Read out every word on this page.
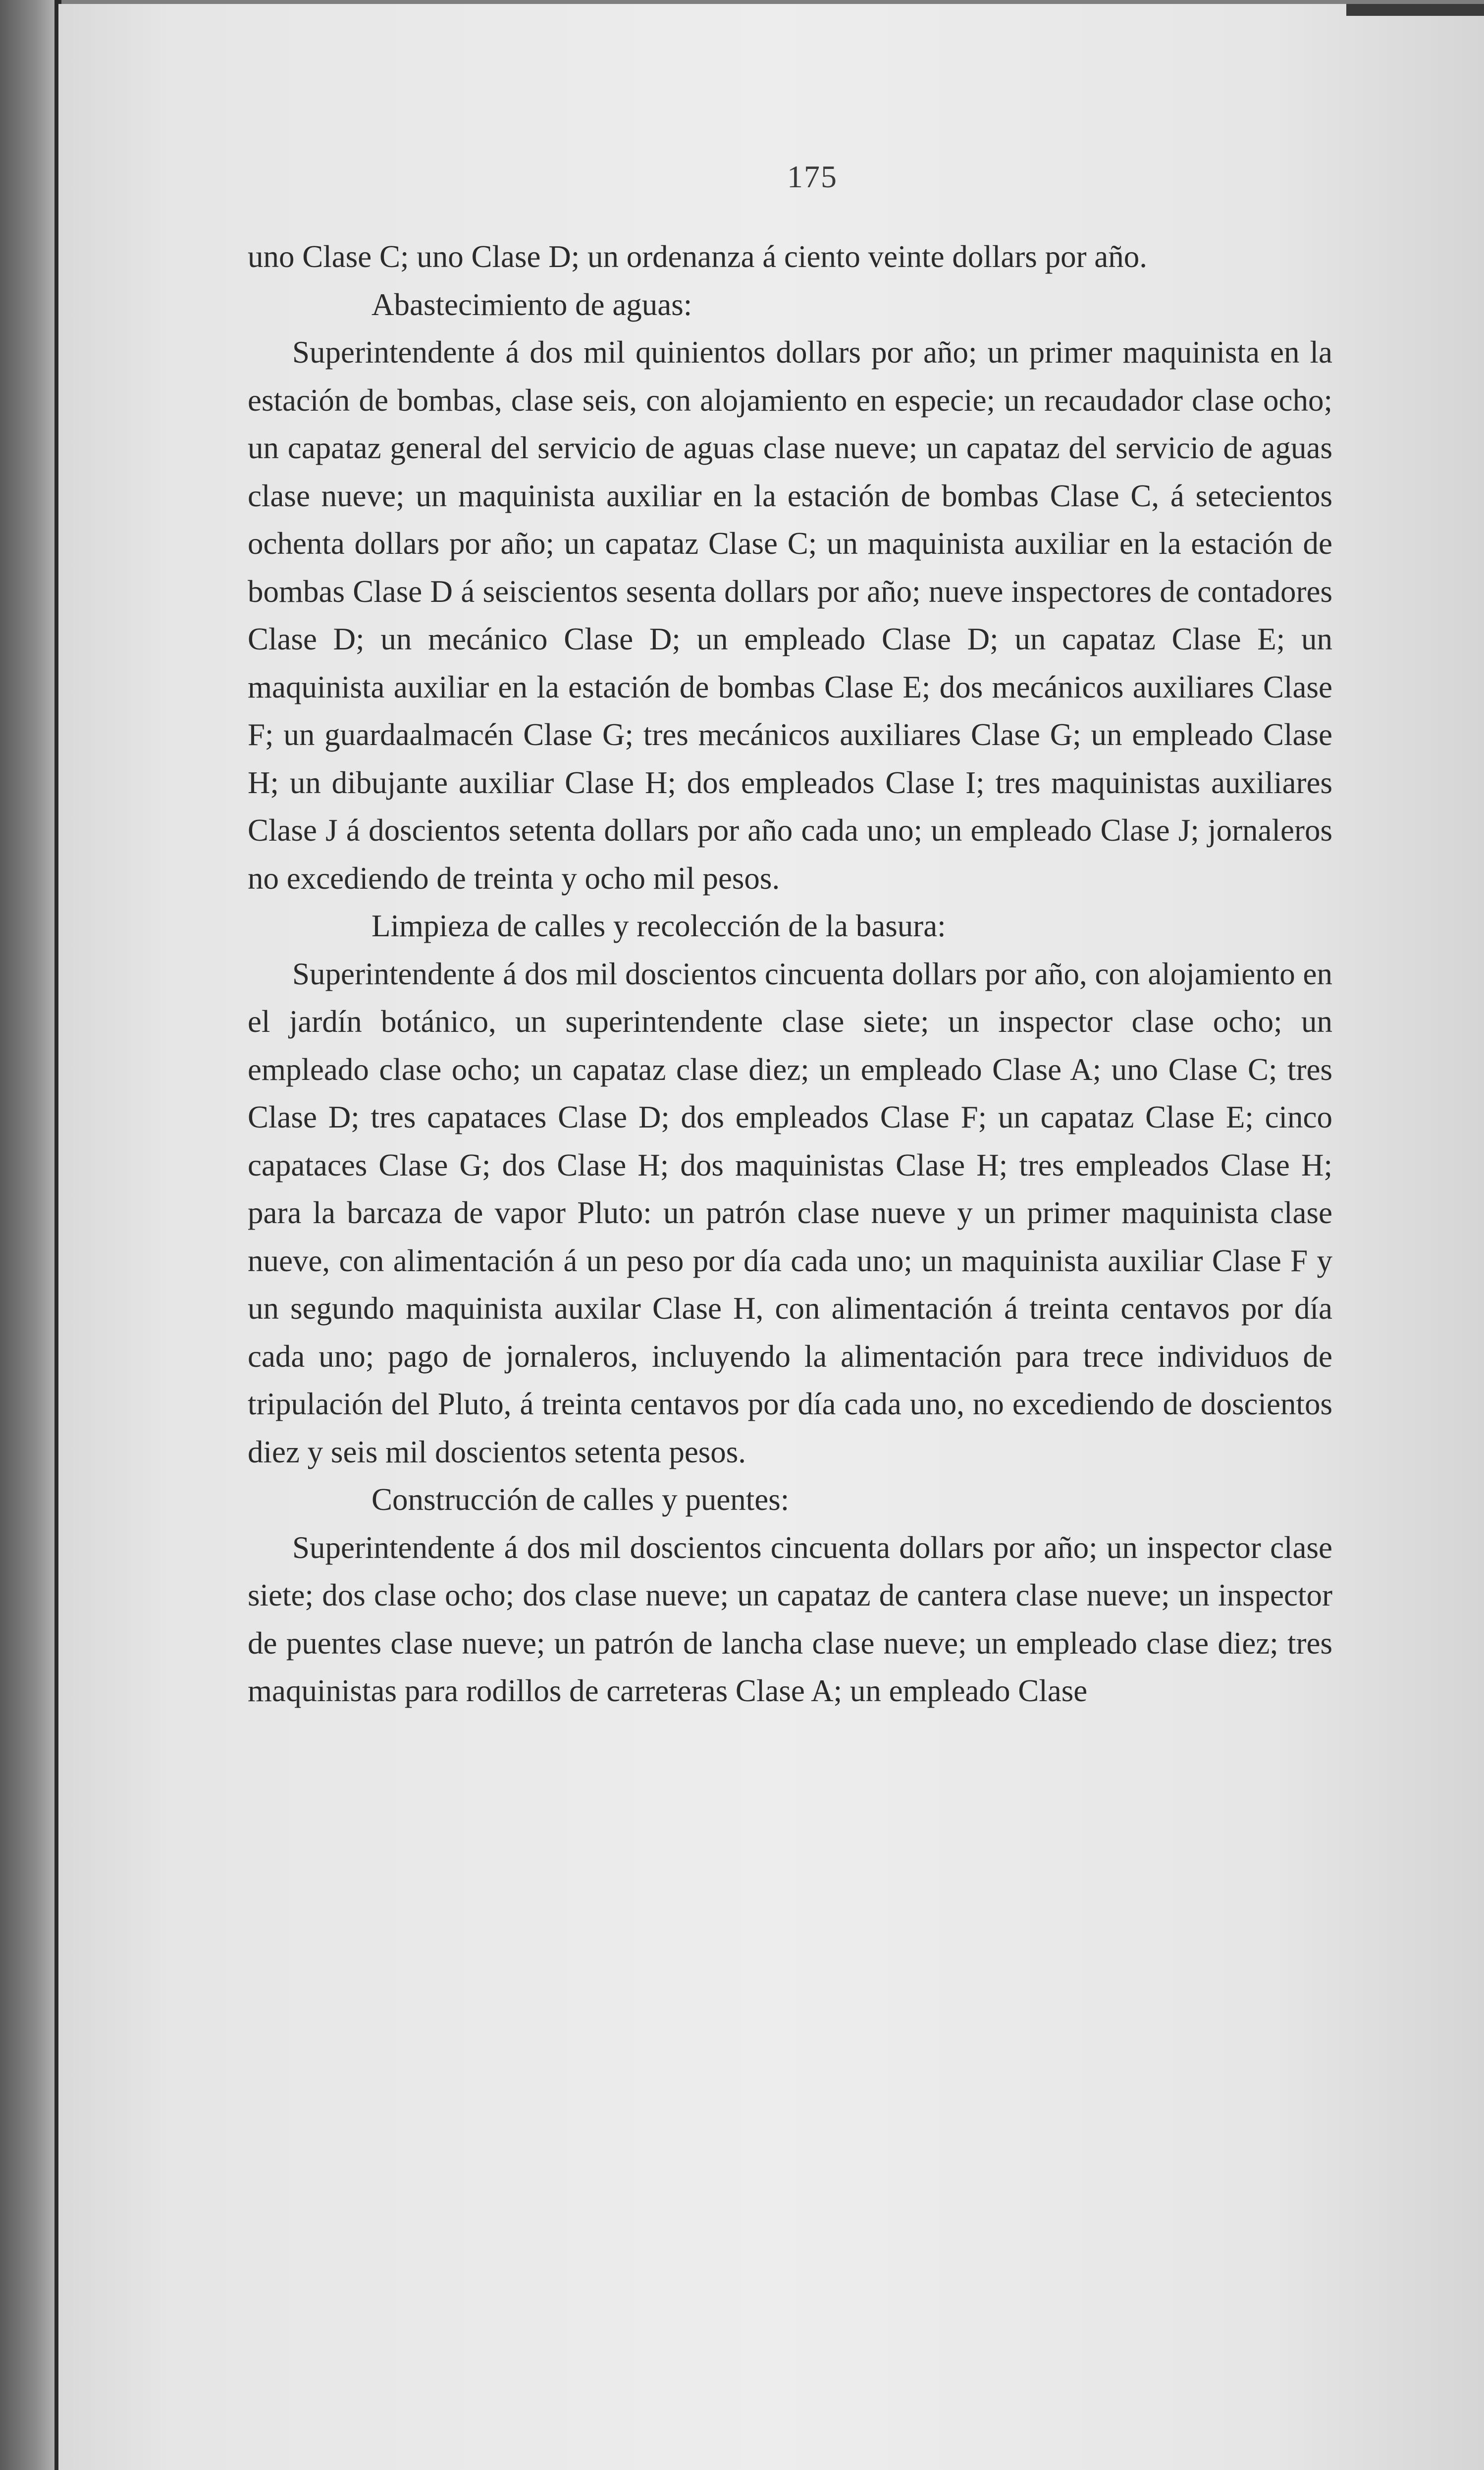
175

uno Clase C; uno Clase D; un ordenanza á ciento veinte dollars por año.

Abastecimiento de aguas:

Superintendente á dos mil quinientos dollars por año; un primer maquinista en la estación de bombas, clase seis, con alojamiento en especie; un recaudador clase ocho; un capataz general del servicio de aguas clase nueve; un capataz del servicio de aguas clase nueve; un maquinista auxiliar en la estación de bombas Clase C, á setecientos ochenta dollars por año; un capataz Clase C; un maquinista auxiliar en la estación de bombas Clase D á seiscientos sesenta dollars por año; nueve inspectores de contadores Clase D; un mecánico Clase D; un empleado Clase D; un capataz Clase E; un maquinista auxiliar en la estación de bombas Clase E; dos mecánicos auxiliares Clase F; un guardaalmacén Clase G; tres mecánicos auxiliares Clase G; un empleado Clase H; un dibujante auxiliar Clase H; dos empleados Clase I; tres maquinistas auxiliares Clase J á doscientos setenta dollars por año cada uno; un empleado Clase J; jornaleros no excediendo de treinta y ocho mil pesos.

Limpieza de calles y recolección de la basura:

Superintendente á dos mil doscientos cincuenta dollars por año, con alojamiento en el jardín botánico, un superintendente clase siete; un inspector clase ocho; un empleado clase ocho; un capataz clase diez; un empleado Clase A; uno Clase C; tres Clase D; tres capataces Clase D; dos empleados Clase F; un capataz Clase E; cinco capataces Clase G; dos Clase H; dos maquinistas Clase H; tres empleados Clase H; para la barcaza de vapor Pluto: un patrón clase nueve y un primer maquinista clase nueve, con alimentación á un peso por día cada uno; un maquinista auxiliar Clase F y un segundo maquinista auxilar Clase H, con alimentación á treinta centavos por día cada uno; pago de jornaleros, incluyendo la alimentación para trece individuos de tripulación del Pluto, á treinta centavos por día cada uno, no excediendo de doscientos diez y seis mil doscientos setenta pesos.

Construcción de calles y puentes:

Superintendente á dos mil doscientos cincuenta dollars por año; un inspector clase siete; dos clase ocho; dos clase nueve; un capataz de cantera clase nueve; un inspector de puentes clase nueve; un patrón de lancha clase nueve; un empleado clase diez; tres maquinistas para rodillos de carreteras Clase A; un empleado Clase
